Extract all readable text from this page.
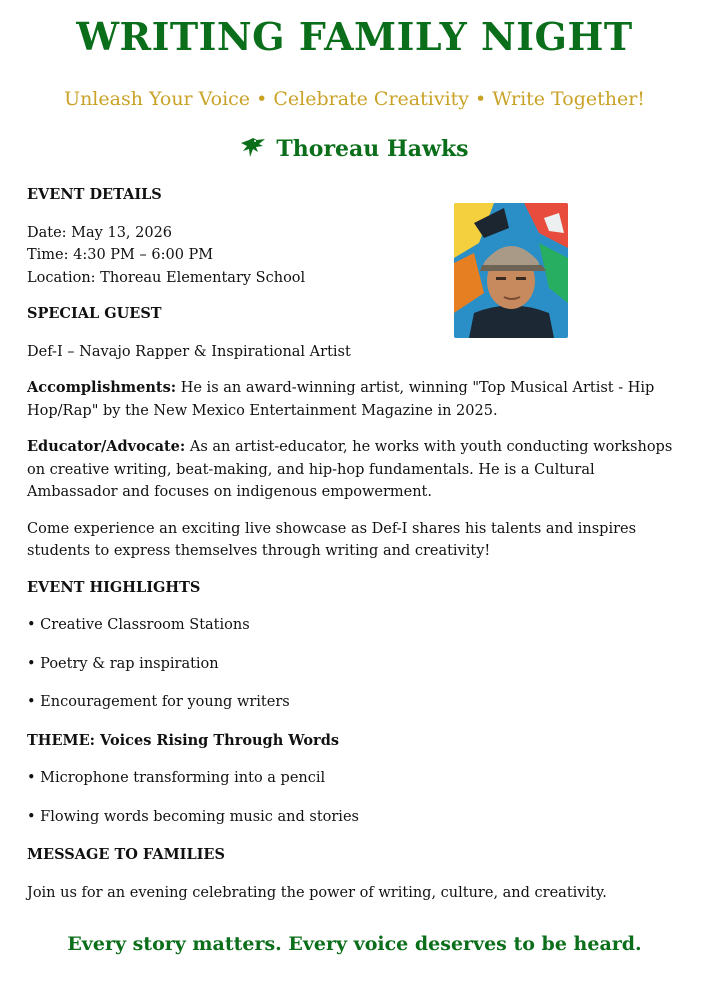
WRITING FAMILY NIGHT
Unleash Your Voice • Celebrate Creativity • Write Together!
Thoreau Hawks
EVENT DETAILS
Date: May 13, 2026
Time: 4:30 PM – 6:00 PM
Location: Thoreau Elementary School
SPECIAL GUEST
Def-I – Navajo Rapper & Inspirational Artist
Accomplishments: He is an award-winning artist, winning "Top Musical Artist - Hip Hop/Rap" by the New Mexico Entertainment Magazine in 2025.
Educator/Advocate: As an artist-educator, he works with youth conducting workshops on creative writing, beat-making, and hip-hop fundamentals. He is a Cultural Ambassador and focuses on indigenous empowerment.
Come experience an exciting live showcase as Def-I shares his talents and inspires students to express themselves through writing and creativity!
EVENT HIGHLIGHTS
• Creative Classroom Stations
• Poetry & rap inspiration
• Encouragement for young writers
THEME: Voices Rising Through Words
• Microphone transforming into a pencil
• Flowing words becoming music and stories
MESSAGE TO FAMILIES
Join us for an evening celebrating the power of writing, culture, and creativity.
Every story matters. Every voice deserves to be heard.
